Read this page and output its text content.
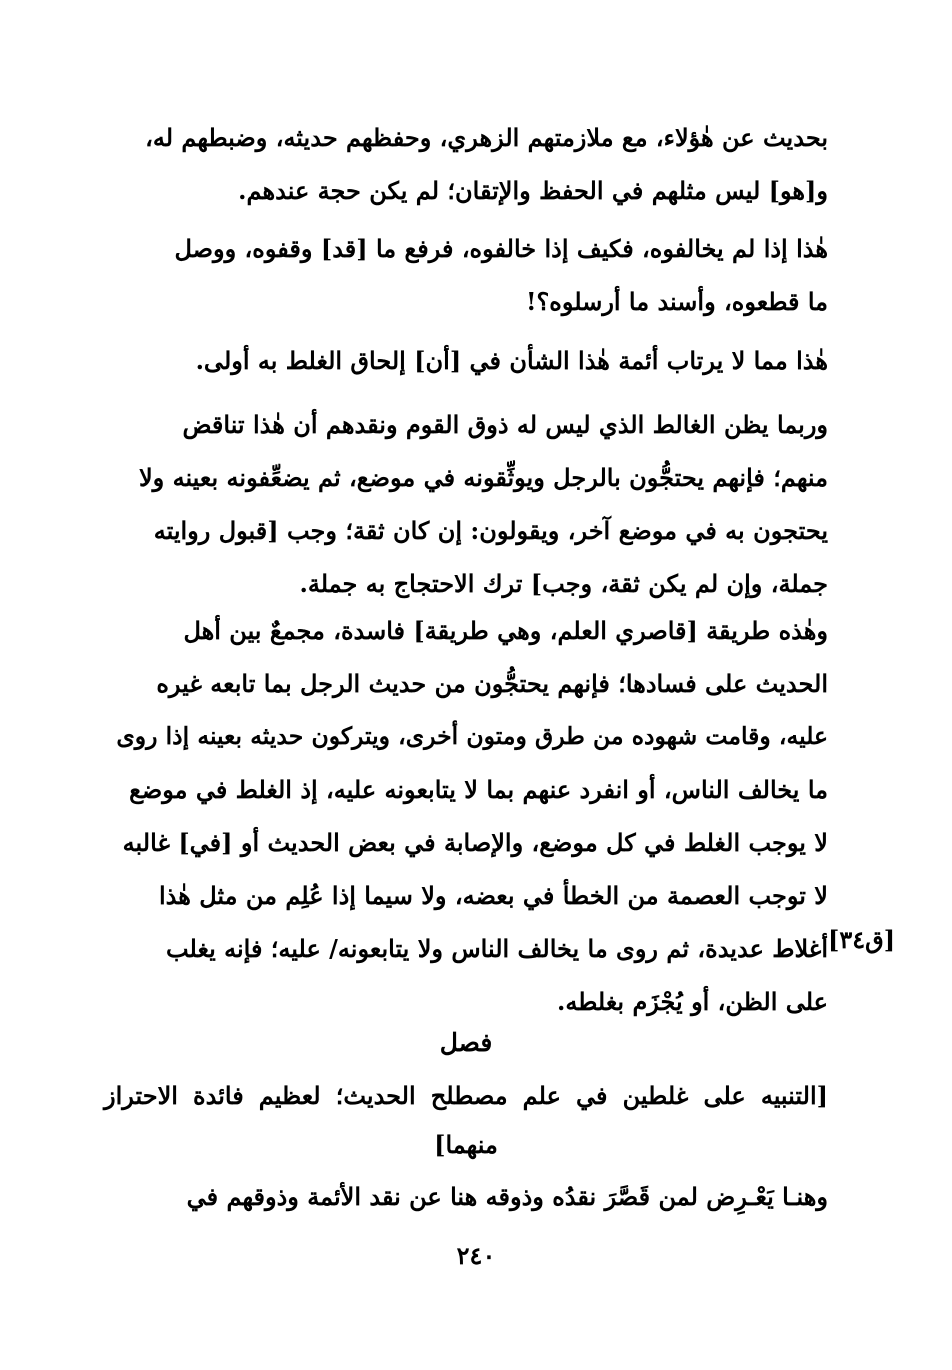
بحديث عن هٰؤلاء، مع ملازمتهم الزهري، وحفظهم حديثه، وضبطهم له،
و[هو] ليس مثلهم في الحفظ والإتقان؛ لم يكن حجة عندهم.
هٰذا إذا لم يخالفوه، فكيف إذا خالفوه، فرفع ما [قد] وقفوه، ووصل
ما قطعوه، وأسند ما أرسلوه؟!
هٰذا مما لا يرتاب أئمة هٰذا الشأن في [أن] إلحاق الغلط به أولى.
وربما يظن الغالط الذي ليس له ذوق القوم ونقدهم أن هٰذا تناقض
منهم؛ فإنهم يحتجُّون بالرجل ويوثِّقونه في موضع، ثم يضعِّفونه بعينه ولا
يحتجون به في موضع آخر، ويقولون: إن كان ثقة؛ وجب [قبول روايته
جملة، وإن لم يكن ثقة، وجب] ترك الاحتجاج به جملة.
وهٰذه طريقة [قاصري العلم، وهي طريقة] فاسدة، مجمعٌ بين أهل
الحديث على فسادها؛ فإنهم يحتجُّون من حديث الرجل بما تابعه غيره
عليه، وقامت شهوده من طرق ومتون أخرى، ويتركون حديثه بعينه إذا روى
ما يخالف الناس، أو انفرد عنهم بما لا يتابعونه عليه، إذ الغلط في موضع
لا يوجب الغلط في كل موضع، والإصابة في بعض الحديث أو [في] غالبه
لا توجب العصمة من الخطأ في بعضه، ولا سيما إذا عُلِم من مثل هٰذا
أغلاط عديدة، ثم روى ما يخالف الناس ولا يتابعونه/ عليه؛ فإنه يغلب
على الظن، أو يُجْزَم بغلطه.
[ق٣٤]
فصل
[التنبيه على غلطين في علم مصطلح الحديث؛ لعظيم فائدة الاحتراز
منهما]
وهنـا يَعْـرِض لمن قَصَّرَ نقدُه وذوقه هنا عن نقد الأئمة وذوقهم في
٢٤٠
